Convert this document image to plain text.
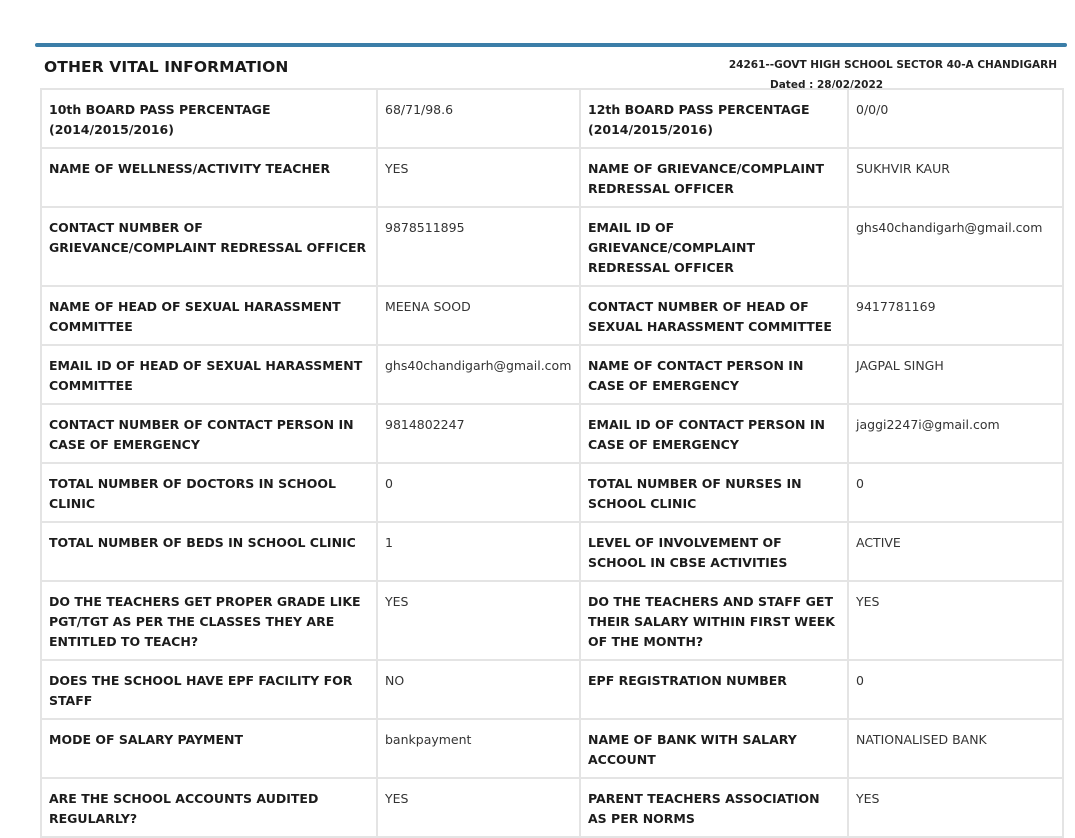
OTHER VITAL INFORMATION	24261--GOVT HIGH SCHOOL SECTOR 40-A CHANDIGARH
Dated : 28/02/2022
10th BOARD PASS PERCENTAGE (2014/2015/2016)	68/71/98.6	12th BOARD PASS PERCENTAGE (2014/2015/2016)	0/0/0
NAME OF WELLNESS/ACTIVITY TEACHER	YES	NAME OF GRIEVANCE/COMPLAINT REDRESSAL OFFICER	SUKHVIR KAUR
CONTACT NUMBER OF GRIEVANCE/COMPLAINT REDRESSAL OFFICER	9878511895	EMAIL ID OF GRIEVANCE/COMPLAINT REDRESSAL OFFICER	ghs40chandigarh@gmail.com
NAME OF HEAD OF SEXUAL HARASSMENT COMMITTEE	MEENA SOOD	CONTACT NUMBER OF HEAD OF SEXUAL HARASSMENT COMMITTEE	9417781169
EMAIL ID OF HEAD OF SEXUAL HARASSMENT COMMITTEE	ghs40chandigarh@gmail.com	NAME OF CONTACT PERSON IN CASE OF EMERGENCY	JAGPAL SINGH
CONTACT NUMBER OF CONTACT PERSON IN CASE OF EMERGENCY	9814802247	EMAIL ID OF CONTACT PERSON IN CASE OF EMERGENCY	jaggi2247i@gmail.com
TOTAL NUMBER OF DOCTORS IN SCHOOL CLINIC	0	TOTAL NUMBER OF NURSES IN SCHOOL CLINIC	0
TOTAL NUMBER OF BEDS IN SCHOOL CLINIC	1	LEVEL OF INVOLVEMENT OF SCHOOL IN CBSE ACTIVITIES	ACTIVE
DO THE TEACHERS GET PROPER GRADE LIKE PGT/TGT AS PER THE CLASSES THEY ARE ENTITLED TO TEACH?	YES	DO THE TEACHERS AND STAFF GET THEIR SALARY WITHIN FIRST WEEK OF THE MONTH?	YES
DOES THE SCHOOL HAVE EPF FACILITY FOR STAFF	NO	EPF REGISTRATION NUMBER	0
MODE OF SALARY PAYMENT	bankpayment	NAME OF BANK WITH SALARY ACCOUNT	NATIONALISED BANK
ARE THE SCHOOL ACCOUNTS AUDITED REGULARLY?	YES	PARENT TEACHERS ASSOCIATION AS PER NORMS	YES
